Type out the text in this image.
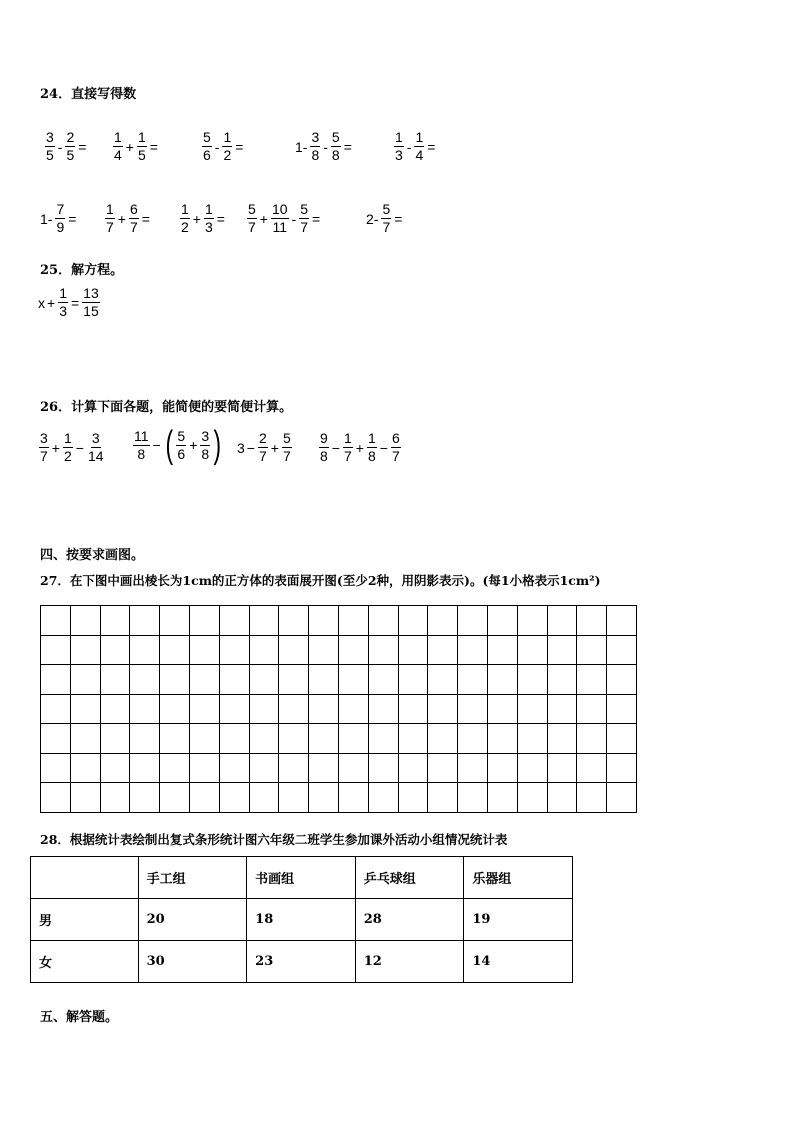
24．直接写得数
$\frac{3}{5} - \frac{2}{5} = \frac{1}{4} + \frac{1}{5}$ =	$\frac{5}{6} - \frac{1}{2}$ =	$1- \frac{3}{8} - \frac{5}{8}$ =	$\frac{1}{3} - \frac{1}{4}$ =
$1- \frac{7}{9} = \frac{1}{7} + \frac{6}{7} = \frac{1}{2} + \frac{1}{3} = \frac{5}{7} + \frac{10}{11} - \frac{5}{7}$ =	$2- \frac{5}{7}$ =
25．解方程。
$x + \frac{1}{3} = \frac{13}{15}$
26．计算下面各题，能简便的要简便计算。
$\frac{3}{7} + \frac{1}{2} - \frac{3}{14} \frac{11}{8}$ − ( $\frac{5}{6} + \frac{3}{8}$ ) $3 - \frac{2}{7} + \frac{5}{7} \frac{9}{8} - \frac{1}{7} + \frac{1}{8} - \frac{6}{7}$
四、按要求画图。
27．在下图中画出棱长为1cm的正方体的表面展开图(至少2种，用阴影表示)。(每1小格表示1cm²)
28．根据统计表绘制出复式条形统计图六年级二班学生参加课外活动小组情况统计表
	手工组	书画组	乒乓球组	乐器组
男	20	18	28	19
女	30	23	12	14
五、解答题。
